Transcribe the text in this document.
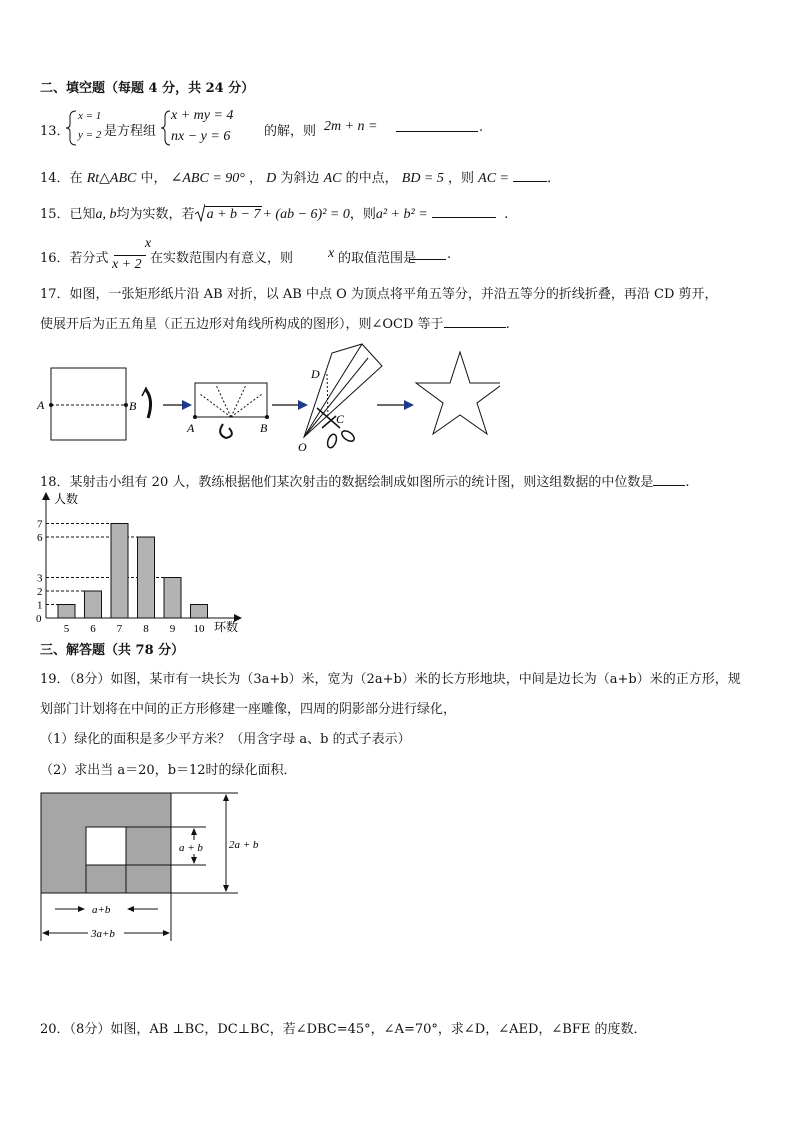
二、填空题（每题 4 分，共 24 分）
13．
x = 1
y = 2 是方程组
x + my = 4
nx − y = 6	的解，则 2m + n =	.
14．在 Rt△ABC 中， ∠ABC = 90° ， D 为斜边 AC 的中点， BD = 5 ，则 AC =	．
15．已知a, b均为实数，若 a + b − 7 + (ab − 6)² = 0，则a² + b² =	.
16．若分式
x
x + 2 在实数范围内有意义，则 x 的取值范围是 .
17．如图，一张矩形纸片沿 AB 对折，以 AB 中点 O 为顶点将平角五等分，并沿五等分的折线折叠，再沿 CD 剪开，
使展开后为正五角星（正五边形对角线所构成的图形），则∠OCD 等于	.
A	B
A	B
D
C
O
18．某射击小组有 20 人，教练根据他们某次射击的数据绘制成如图所示的统计图，则这组数据的中位数是 .
5 6 7 8 9 10
1
2
3
6
7
人数
环数
0
三、解答题（共 78 分）
19．（8分）如图，某市有一块长为（3a+b）米，宽为（2a+b）米的长方形地块，中间是边长为（a+b）米的正方形，规
划部门计划将在中间的正方形修建一座雕像，四周的阴影部分进行绿化，
（1）绿化的面积是多少平方米？（用含字母 a、b 的式子表示）
（2）求出当 a＝20，b＝12时的绿化面积．
2a + b
a + b
a+b
3a+b
20．（8分）如图，AB ⊥BC，DC⊥BC，若∠DBC=45°，∠A=70°，求∠D，∠AED，∠BFE 的度数．
